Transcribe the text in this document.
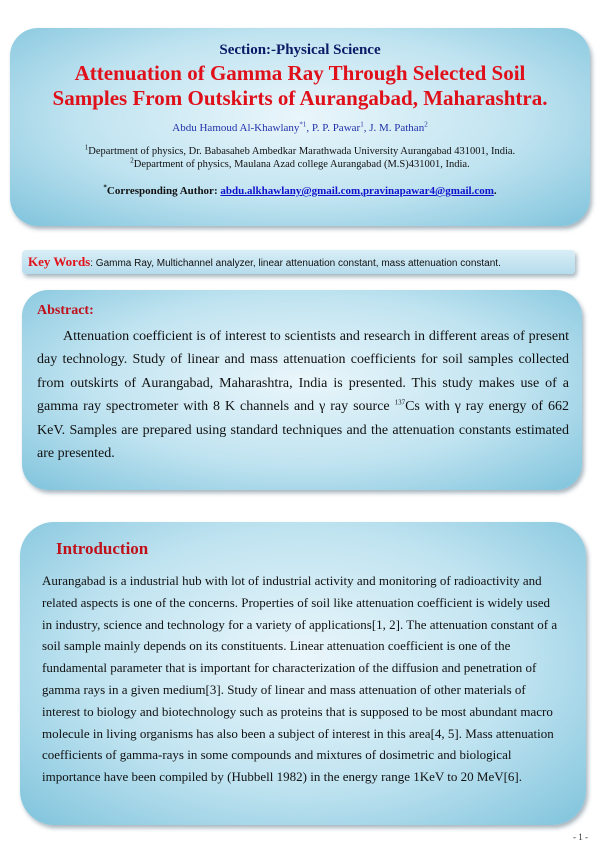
Section:-Physical Science
Attenuation of Gamma Ray Through Selected Soil
Samples From Outskirts of Aurangabad, Maharashtra.
Abdu Hamoud Al-Khawlany$^{*1}$, P. P. Pawar$^1$, J. M. Pathan$^2$
$^1$Department of physics, Dr. Babasaheb Ambedkar Marathwada University Aurangabad 431001, India.
$^2$Department of physics, Maulana Azad college Aurangabad (M.S)431001, India.
*Corresponding Author: abdu.alkhawlany@gmail.com,pravinapawar4@gmail.com.
Key Words: Gamma Ray, Multichannel analyzer, linear attenuation constant, mass attenuation constant.
Abstract:
Attenuation coefficient is of interest to scientists and research in different areas of present day technology. Study of linear and mass attenuation coefficients for soil samples collected from outskirts of Aurangabad, Maharashtra, India is presented. This study makes use of a gamma ray spectrometer with 8 K channels and γ ray source $^{137}$Cs with γ ray energy of 662 KeV. Samples are prepared using standard techniques and the attenuation constants estimated are presented.
Introduction
Aurangabad is a industrial hub with lot of industrial activity and monitoring of radioactivity and related aspects is one of the concerns. Properties of soil like attenuation coefficient is widely used in industry, science and technology for a variety of applications[1, 2]. The attenuation constant of a soil sample mainly depends on its constituents. Linear attenuation coefficient is one of the fundamental parameter that is important for characterization of the diffusion and penetration of gamma rays in a given medium[3]. Study of linear and mass attenuation of other materials of interest to biology and biotechnology such as proteins that is supposed to be most abundant macro molecule in living organisms has also been a subject of interest in this area[4, 5]. Mass attenuation coefficients of gamma-rays in some compounds and mixtures of dosimetric and biological importance have been compiled by (Hubbell 1982) in the energy range 1KeV to 20 MeV[6].
- 1 -
